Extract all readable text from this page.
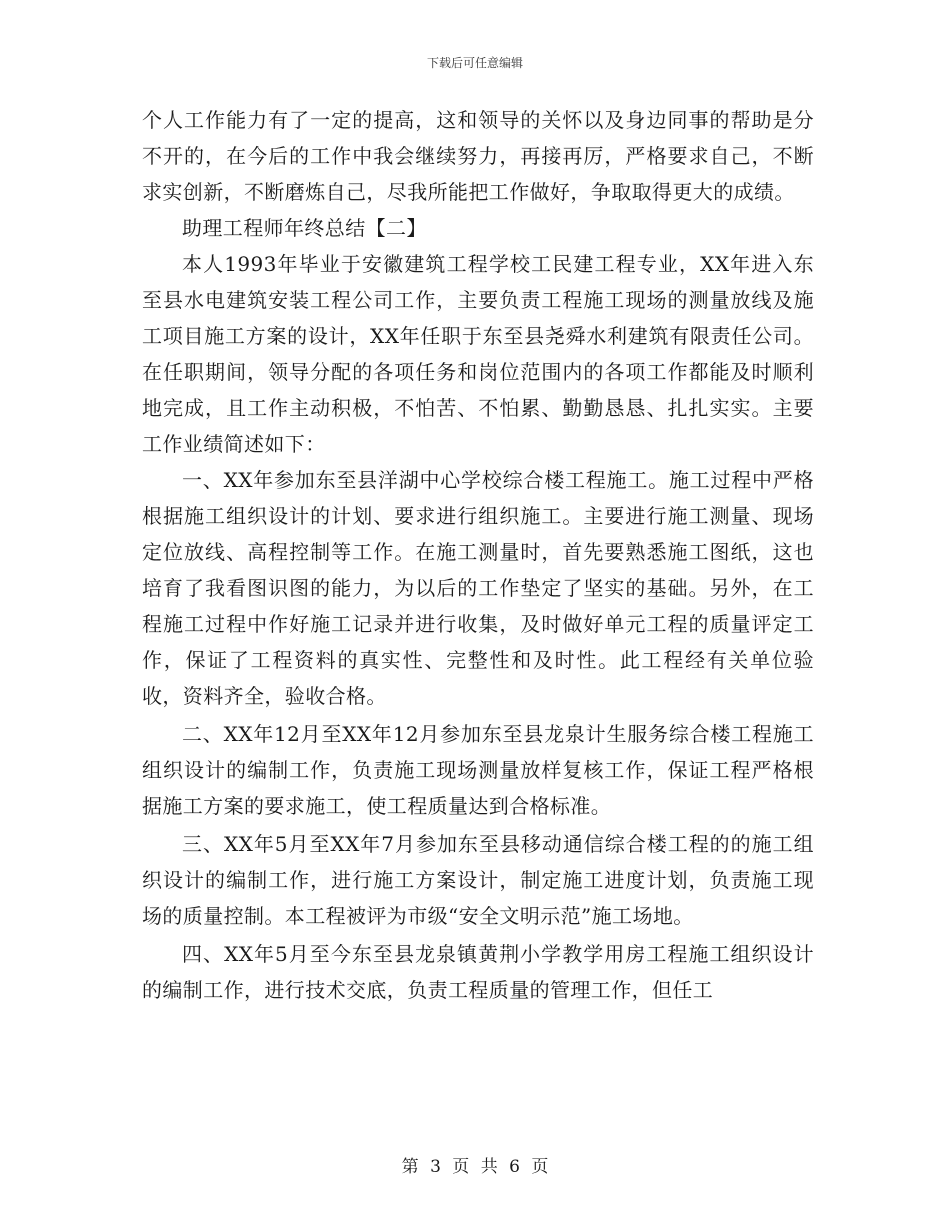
下载后可任意编辑

个人工作能力有了一定的提高，这和领导的关怀以及身边同事的帮助是分不开的，在今后的工作中我会继续努力，再接再厉，严格要求自己，不断求实创新，不断磨炼自己，尽我所能把工作做好，争取取得更大的成绩。

助理工程师年终总结【二】

本人1993年毕业于安徽建筑工程学校工民建工程专业，XX年进入东至县水电建筑安装工程公司工作，主要负责工程施工现场的测量放线及施工项目施工方案的设计，XX年任职于东至县尧舜水利建筑有限责任公司。在任职期间，领导分配的各项任务和岗位范围内的各项工作都能及时顺利地完成，且工作主动积极，不怕苦、不怕累、勤勤恳恳、扎扎实实。主要工作业绩简述如下：

一、XX年参加东至县洋湖中心学校综合楼工程施工。施工过程中严格根据施工组织设计的计划、要求进行组织施工。主要进行施工测量、现场定位放线、高程控制等工作。在施工测量时，首先要熟悉施工图纸，这也培育了我看图识图的能力，为以后的工作垫定了坚实的基础。另外，在工程施工过程中作好施工记录并进行收集，及时做好单元工程的质量评定工作，保证了工程资料的真实性、完整性和及时性。此工程经有关单位验收，资料齐全，验收合格。

二、XX年12月至XX年12月参加东至县龙泉计生服务综合楼工程施工组织设计的编制工作，负责施工现场测量放样复核工作，保证工程严格根据施工方案的要求施工，使工程质量达到合格标准。

三、XX年5月至XX年7月参加东至县移动通信综合楼工程的的施工组织设计的编制工作，进行施工方案设计，制定施工进度计划，负责施工现场的质量控制。本工程被评为市级“安全文明示范”施工场地。

四、XX年5月至今东至县龙泉镇黄荆小学教学用房工程施工组织设计的编制工作，进行技术交底，负责工程质量的管理工作，但任工

第 3 页 共 6 页
